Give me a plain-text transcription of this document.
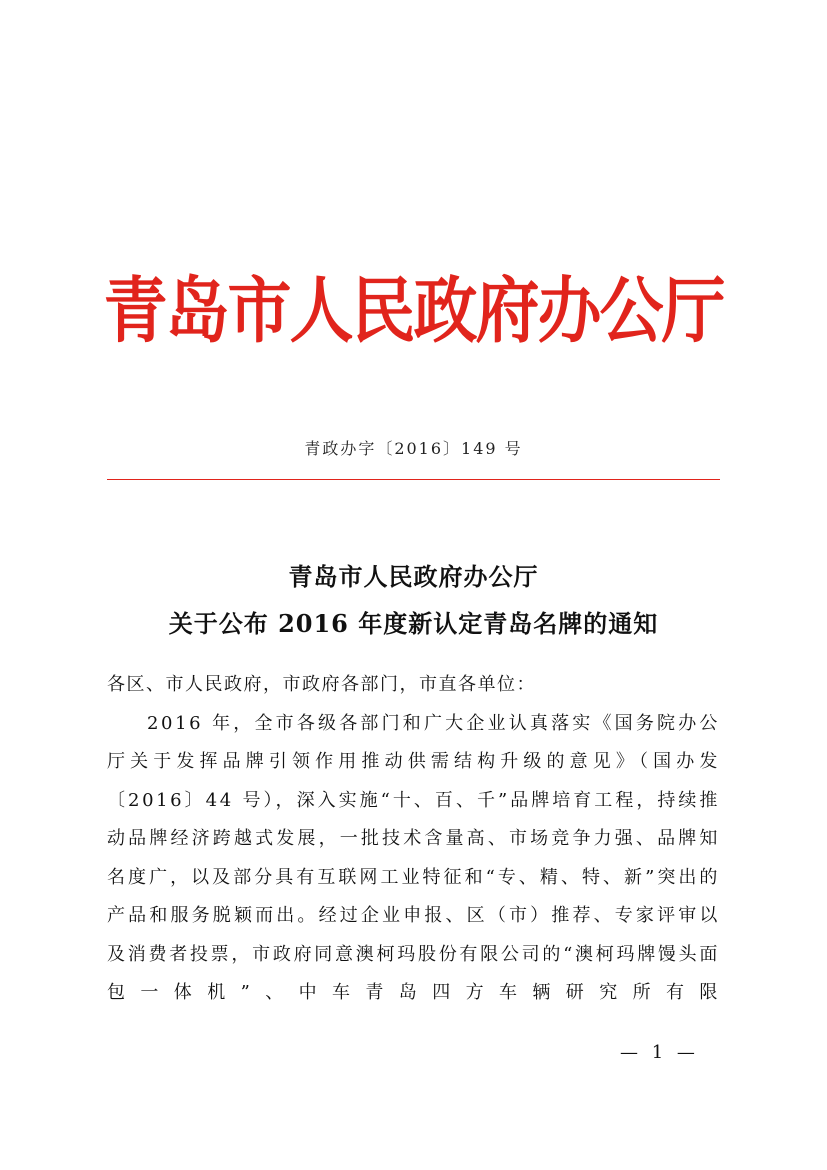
青岛市人民政府办公厅
青政办字〔2016〕149 号
青岛市人民政府办公厅
关于公布 2016 年度新认定青岛名牌的通知

各区、市人民政府，市政府各部门，市直各单位：

2016 年，全市各级各部门和广大企业认真落实《国务院办公厅关于发挥品牌引领作用推动供需结构升级的意见》（国办发〔2016〕44 号），深入实施“十、百、千”品牌培育工程，持续推动品牌经济跨越式发展，一批技术含量高、市场竞争力强、品牌知名度广，以及部分具有互联网工业特征和“专、精、特、新”突出的产品和服务脱颖而出。经过企业申报、区（市）推荐、专家评审以及消费者投票，市政府同意澳柯玛股份有限公司的“澳柯玛牌馒头面包一体机”、中车青岛四方车辆研究所有限

— 1 —
